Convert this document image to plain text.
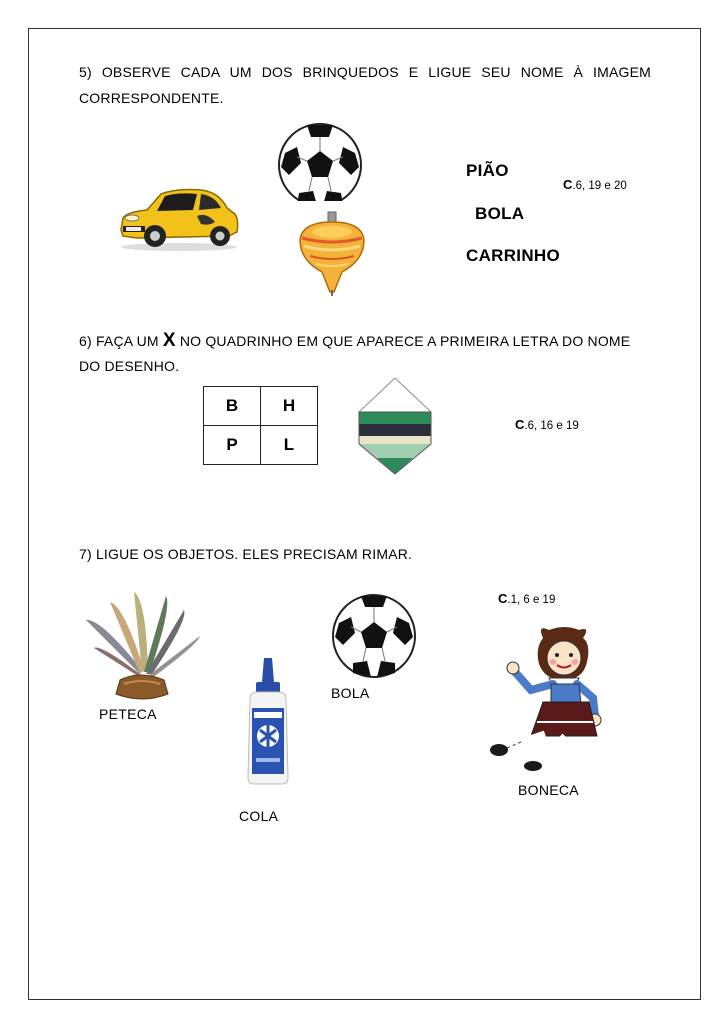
5) OBSERVE CADA UM DOS BRINQUEDOS E LIGUE SEU NOME À IMAGEM
CORRESPONDENTE.
PIÃO
BOLA
CARRINHO
C.6, 19 e 20
6) FAÇA UM X NO QUADRINHO EM QUE APARECE A PRIMEIRA LETRA DO NOME
DO DESENHO.
B	H
P	L
C.6, 16 e 19
7) LIGUE OS OBJETOS. ELES PRECISAM RIMAR.
C.1, 6 e 19
PETECA
COLA
BOLA
BONECA
